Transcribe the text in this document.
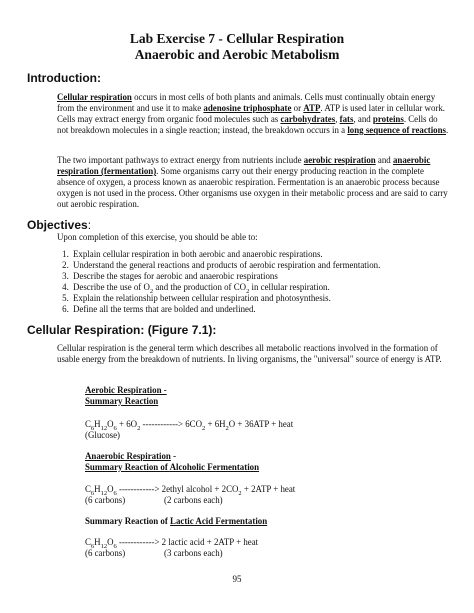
Lab Exercise 7 - Cellular Respiration
Anaerobic and Aerobic Metabolism
Introduction:
Cellular respiration occurs in most cells of both plants and animals. Cells must continually obtain energy from the environment and use it to make adenosine triphosphate or ATP. ATP is used later in cellular work. Cells may extract energy from organic food molecules such as carbohydrates, fats, and proteins. Cells do not breakdown molecules in a single reaction; instead, the breakdown occurs in a long sequence of reactions.
The two important pathways to extract energy from nutrients include aerobic respiration and anaerobic respiration (fermentation). Some organisms carry out their energy producing reaction in the complete absence of oxygen, a process known as anaerobic respiration. Fermentation is an anaerobic process because oxygen is not used in the process. Other organisms use oxygen in their metabolic process and are said to carry out aerobic respiration.
Objectives:
Upon completion of this exercise, you should be able to:
1. Explain cellular respiration in both aerobic and anaerobic respirations.
2. Understand the general reactions and products of aerobic respiration and fermentation.
3. Describe the stages for aerobic and anaerobic respirations
4. Describe the use of $O_2$ and the production of $CO_2$ in cellular respiration.
5. Explain the relationship between cellular respiration and photosynthesis.
6. Define all the terms that are bolded and underlined.
Cellular Respiration: (Figure 7.1):
Cellular respiration is the general term which describes all metabolic reactions involved in the formation of usable energy from the breakdown of nutrients. In living organisms, the "universal" source of energy is ATP.
Aerobic Respiration -
Summary Reaction
$C_6H_{12}O_6 + 6O_2$ ------------> $6CO_2 + 6H_2O + 36ATP$ + heat
(Glucose)
Anaerobic Respiration -
Summary Reaction of Alcoholic Fermentation
$C_6H_{12}O_6$ ------------> 2ethyl alcohol + $2CO_2 + 2ATP$ + heat
(6 carbons)	(2 carbons each)
Summary Reaction of Lactic Acid Fermentation
$C_6H_{12}O_6$ ------------> 2 lactic acid + 2ATP + heat
(6 carbons)	(3 carbons each)
95
